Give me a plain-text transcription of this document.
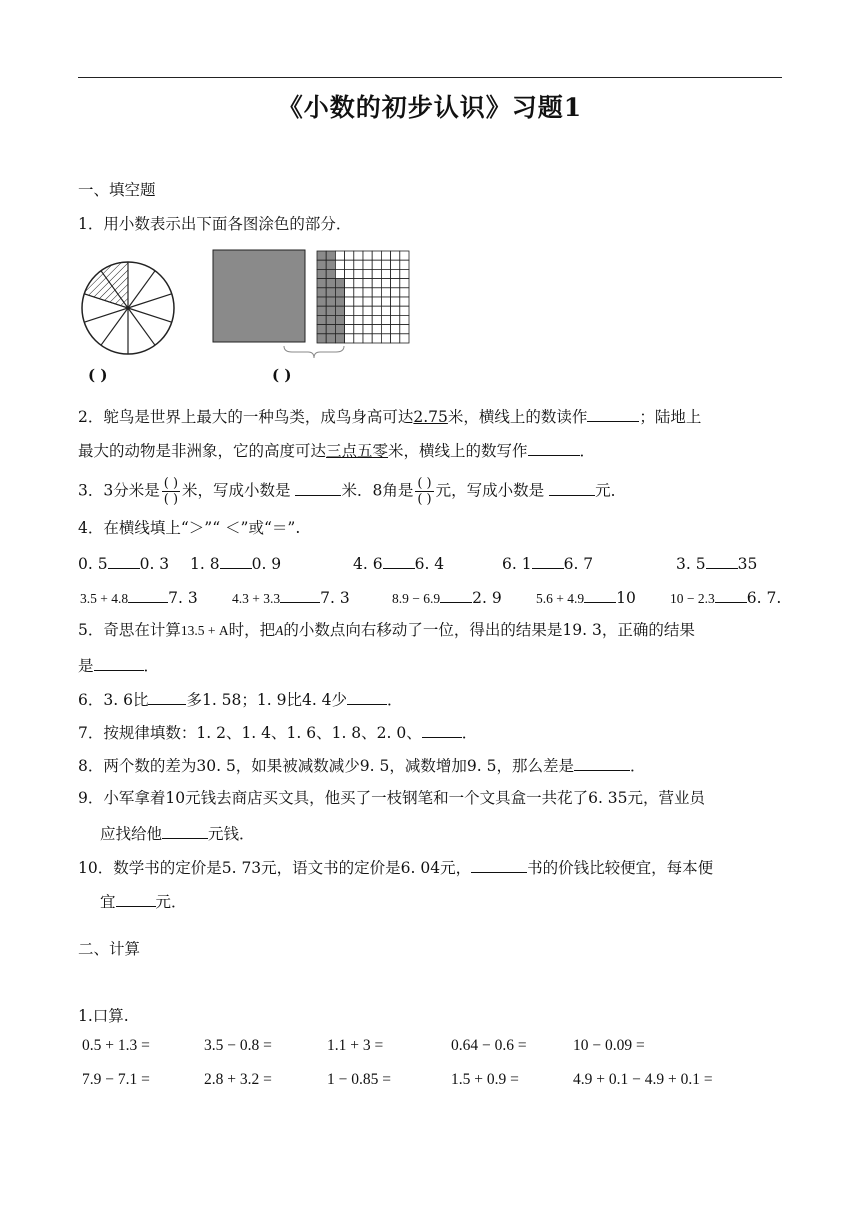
《小数的初步认识》习题1
一、填空题
1．用小数表示出下面各图涂色的部分．
( )	( )
2．鸵鸟是世界上最大的一种鸟类，成鸟身高可达2.75米，横线上的数读作	；陆地上
最大的动物是非洲象，它的高度可达三点五零米，横线上的数写作	．
3．3分米是 $\frac{( )}{( )}$ 米，写成小数是	米．8角是 $\frac{( )}{( )}$ 元，写成小数是	元．
4．在横线填上“＞”“ ＜”或“＝”.
0. 5 0. 3 1. 8 0. 9	4. 6 6. 4	6. 1 6. 7	3. 5 35
3.5 + 4.8	7. 3	4.3 + 3.3	7. 3	8.9 − 6.9 2. 9	5.6 + 4.9 10	10 − 2.3 6. 7.
5．奇思在计算13.5 + A时，把A的小数点向右移动了一位，得出的结果是19. 3，正确的结果
是	．
6．3. 6比 多1. 58；1. 9比4. 4少	．
7．按规律填数：1. 2、1. 4、1. 6、1. 8、2. 0、	．
8．两个数的差为30. 5，如果被减数减少9. 5，减数增加9. 5，那么差是	．
9．小军拿着10元钱去商店买文具，他买了一枝钢笔和一个文具盒一共花了6. 35元，营业员
应找给他	元钱．
10．数学书的定价是5. 73元，语文书的定价是6. 04元，	书的价钱比较便宜，每本便
宜	元．
二、计算
1.口算.
0.5 + 1.3 =	3.5 − 0.8 =	1.1 + 3 =	0.64 − 0.6 =	10 − 0.09 =
7.9 − 7.1 =	2.8 + 3.2 =	1 − 0.85 =	1.5 + 0.9 =	4.9 + 0.1 − 4.9 + 0.1 =
